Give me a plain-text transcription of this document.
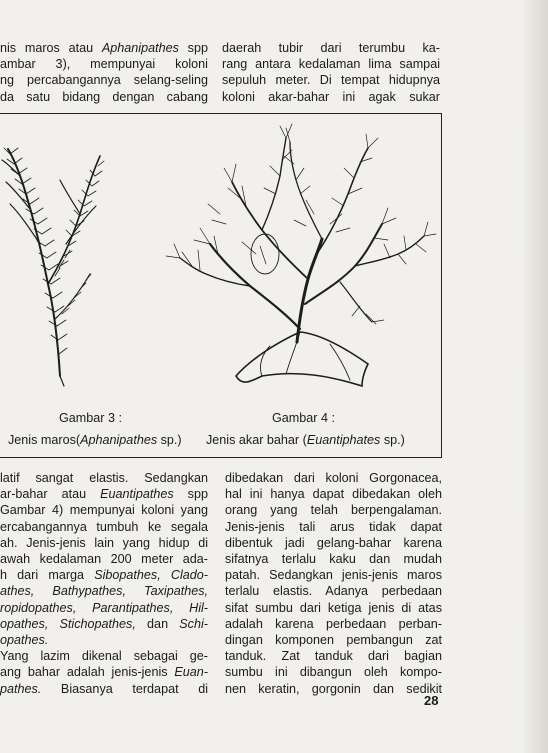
nis maros atau Aphanipathes spp
ambar 3), mempunyai koloni
ng percabangannya selang-seling
da satu bidang dengan cabang
daerah tubir dari terumbu ka-
rang antara kedalaman lima sampai
sepuluh meter. Di tempat hidupnya
koloni akar-bahar ini agak sukar
Gambar 3 :
Jenis maros(Aphanipathes sp.)
Gambar 4 :
Jenis akar bahar (Euantiphates sp.)
latif sangat elastis. Sedangkan
ar-bahar atau Euantipathes spp
Gambar 4) mempunyai koloni yang
ercabangannya tumbuh ke segala
ah. Jenis-jenis lain yang hidup di
awah kedalaman 200 meter ada-
h dari marga Sibopathes, Clado-
athes, Bathypathes, Taxipathes,
ropidopathes, Parantipathes, Hil-
opathes, Stichopathes, dan Schi-
opathes.
Yang lazim dikenal sebagai ge-
ang bahar adalah jenis-jenis Euan-
pathes. Biasanya terdapat di
dibedakan dari koloni Gorgonacea,
hal ini hanya dapat dibedakan oleh
orang yang telah berpengalaman.
Jenis-jenis tali arus tidak dapat
dibentuk jadi gelang-bahar karena
sifatnya terlalu kaku dan mudah
patah. Sedangkan jenis-jenis maros
terlalu elastis. Adanya perbedaan
sifat sumbu dari ketiga jenis di atas
adalah karena perbedaan perban-
dingan komponen pembangun zat
tanduk. Zat tanduk dari bagian
sumbu ini dibangun oleh kompo-
nen keratin, gorgonin dan sedikit
28
